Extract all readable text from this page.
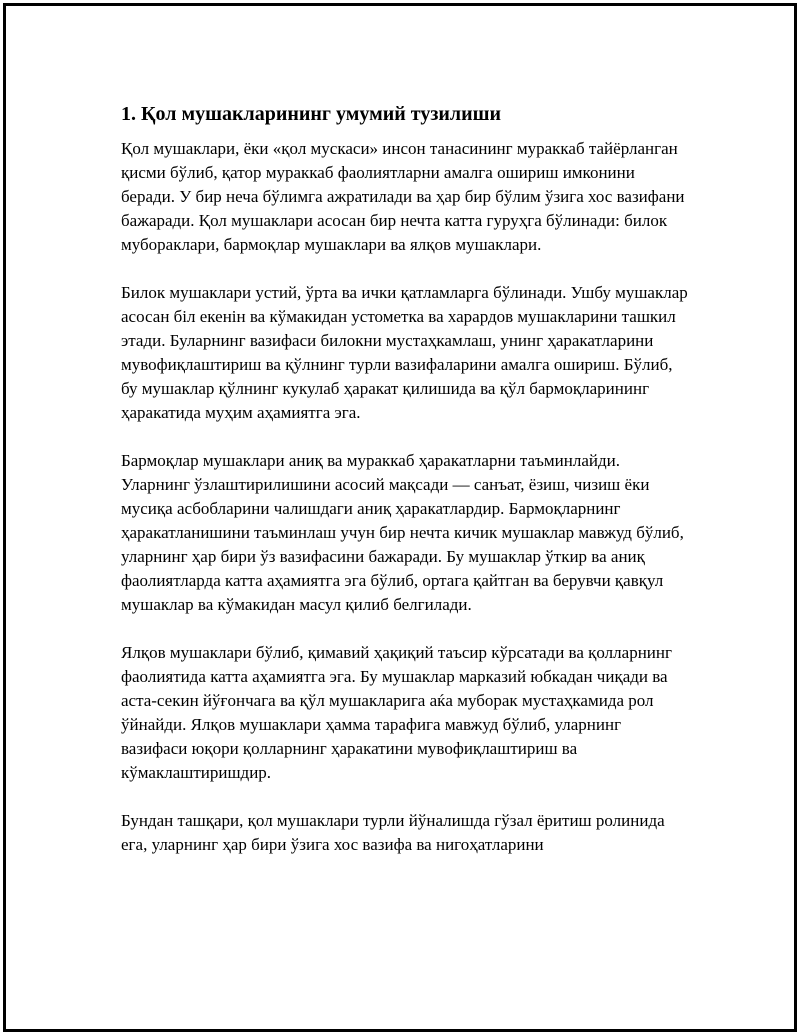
1. Қол мушакларининг умумий тузилиши

Қол мушаклари, ёки «қол мускаси» инсон танасининг мураккаб тайёрланган қисми бўлиб, қатор мураккаб фаолиятларни амалга ошириш имконини беради. У бир неча бўлимга ажратилади ва ҳар бир бўлим ўзига хос вазифани бажаради. Қол мушаклари асосан бир нечта катта гуруҳга бўлинади: билок мубораклари, бармоқлар мушаклари ва ялқов мушаклари.

Билок мушаклари устий, ўрта ва ички қатламларга бўлинади. Ушбу мушаклар асосан біл екенін ва кўмакидан устометка ва харардов мушакларини ташкил этади. Буларнинг вазифаси билокни мустаҳкамлаш, унинг ҳаракатларини мувофиқлаштириш ва қўлнинг турли вазифаларини амалга ошириш. Бўлиб, бу мушаклар қўлнинг кукулаб ҳаракат қилишида ва қўл бармоқларининг ҳаракатида муҳим аҳамиятга эга.

Бармоқлар мушаклари аниқ ва мураккаб ҳаракатларни таъминлайди. Уларнинг ўзлаштирилишини асосий мақсади — санъат, ёзиш, чизиш ёки мусиқа асбобларини чалишдаги аниқ ҳаракатлардир. Бармоқларнинг ҳаракатланишини таъминлаш учун бир нечта кичик мушаклар мавжуд бўлиб, уларнинг ҳар бири ўз вазифасини бажаради. Бу мушаклар ўткир ва аниқ фаолиятларда катта аҳамиятга эга бўлиб, ортага қайтган ва берувчи қавқул мушаклар ва кўмакидан масул қилиб белгилади.

Ялқов мушаклари бўлиб, қимавий ҳақиқий таъсир кўрсатади ва қолларнинг фаолиятида катта аҳамиятга эга. Бу мушаклар марказий юбкадан чиқади ва аста-секин йўғончага ва қўл мушакларига аќа муборак мустаҳкамида рол ўйнайди. Ялқов мушаклари ҳамма тарафига мавжуд бўлиб, уларнинг вазифаси юқори қолларнинг ҳаракатини мувофиқлаштириш ва кўмаклаштиришдир.

Бундан ташқари, қол мушаклари турли йўналишда гўзал ёритиш ролинида ега, уларнинг ҳар бири ўзига хос вазифа ва нигоҳатларини
